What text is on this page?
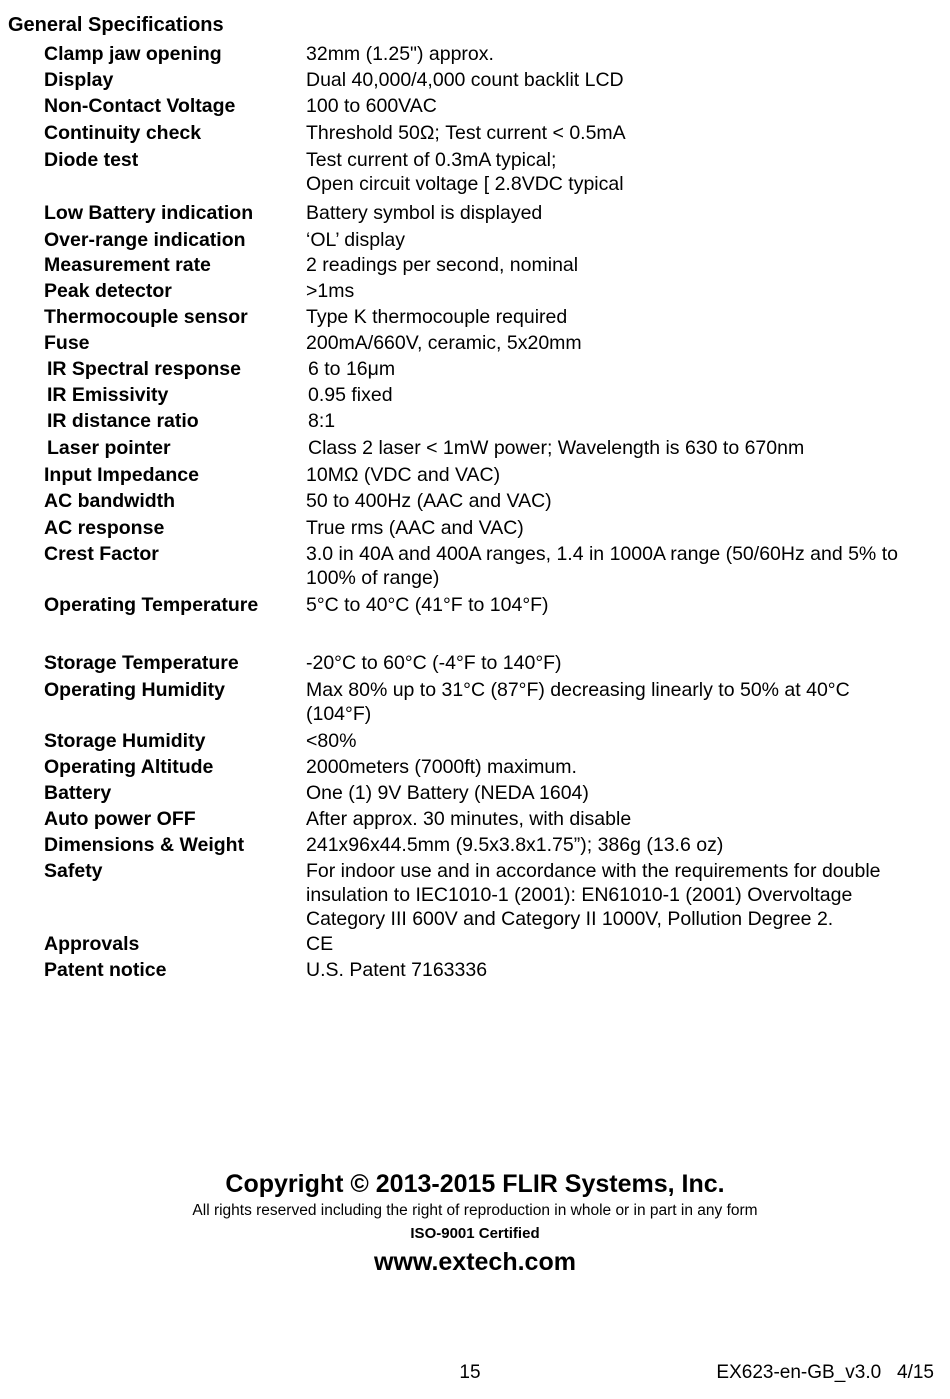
General Specifications
Clamp jaw opening	32mm (1.25") approx.
Display	Dual 40,000/4,000 count backlit LCD
Non-Contact Voltage	100 to 600VAC
Continuity check	Threshold 50Ω; Test current < 0.5mA
Diode test	Test current of 0.3mA typical;
Open circuit voltage [ 2.8VDC typical
Low Battery indication	Battery symbol is displayed
Over-range indication	‘OL’ display
Measurement rate	2 readings per second, nominal
Peak detector	>1ms
Thermocouple sensor	Type K thermocouple required
Fuse	200mA/660V, ceramic, 5x20mm
IR Spectral response	6 to 16μm
IR Emissivity	0.95 fixed
IR distance ratio	8:1
Laser pointer	Class 2 laser < 1mW power; Wavelength is 630 to 670nm
Input Impedance	10MΩ (VDC and VAC)
AC bandwidth	50 to 400Hz (AAC and VAC)
AC response	True rms (AAC and VAC)
Crest Factor	3.0 in 40A and 400A ranges, 1.4 in 1000A range (50/60Hz and 5% to
100% of range)
Operating Temperature	5°C to 40°C (41°F to 104°F)
Storage Temperature	-20°C to 60°C (-4°F to 140°F)
Operating Humidity	Max 80% up to 31°C (87°F) decreasing linearly to 50% at 40°C
(104°F)
Storage Humidity	<80%
Operating Altitude	2000meters (7000ft) maximum.
Battery	One (1) 9V Battery (NEDA 1604)
Auto power OFF	After approx. 30 minutes, with disable
Dimensions & Weight	241x96x44.5mm (9.5x3.8x1.75”); 386g (13.6 oz)
Safety	For indoor use and in accordance with the requirements for double
insulation to IEC1010-1 (2001): EN61010-1 (2001) Overvoltage
Category III 600V and Category II 1000V, Pollution Degree 2.
Approvals	CE
Patent notice	U.S. Patent 7163336
Copyright © 2013-2015 FLIR Systems, Inc.
All rights reserved including the right of reproduction in whole or in part in any form
ISO-9001 Certified
www.extech.com
15	EX623-en-GB_v3.0   4/15
